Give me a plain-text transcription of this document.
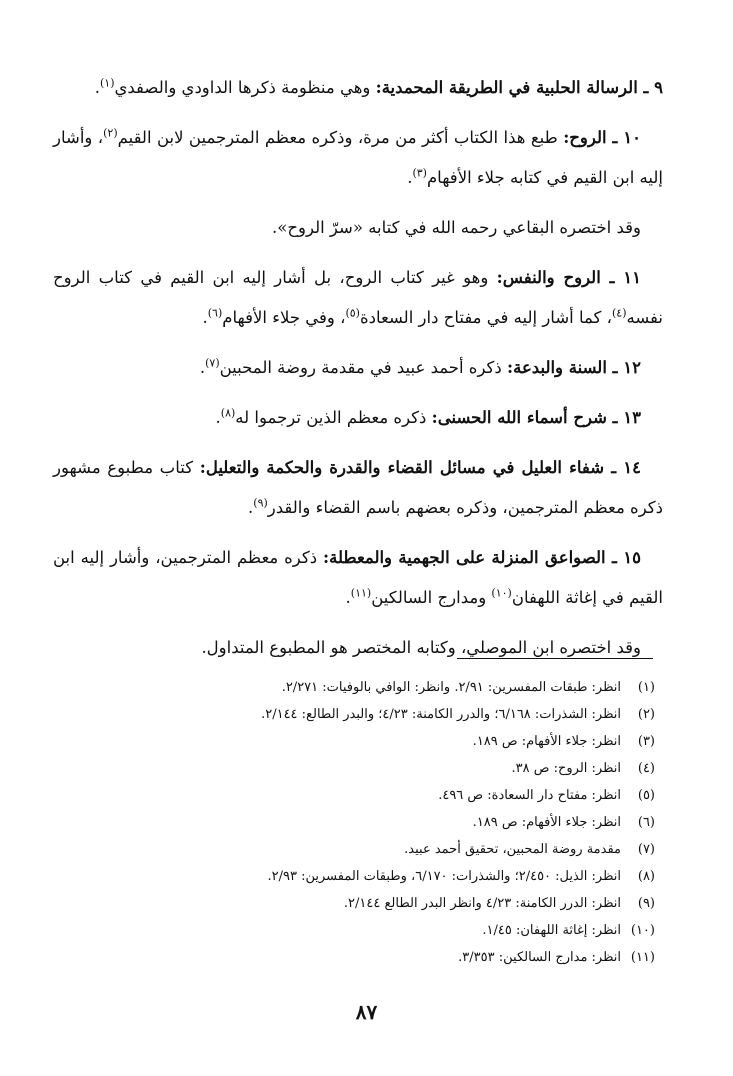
٩ ـ الرسالة الحلبية في الطريقة المحمدية: وهي منظومة ذكرها الداودي والصفدي$^{(١)}$.

١٠ ـ الروح: طبع هذا الكتاب أكثر من مرة، وذكره معظم المترجمين لابن القيم$^{(٢)}$، وأشار إليه ابن القيم في كتابه جلاء الأفهام$^{(٣)}$.

وقد اختصره البقاعي رحمه الله في كتابه «سرّ الروح».

١١ ـ الروح والنفس: وهو غير كتاب الروح، بل أشار إليه ابن القيم في كتاب الروح نفسه$^{(٤)}$، كما أشار إليه في مفتاح دار السعادة$^{(٥)}$، وفي جلاء الأفهام$^{(٦)}$.

١٢ ـ السنة والبدعة: ذكره أحمد عبيد في مقدمة روضة المحبين$^{(٧)}$.

١٣ ـ شرح أسماء الله الحسنى: ذكره معظم الذين ترجموا له$^{(٨)}$.

١٤ ـ شفاء العليل في مسائل القضاء والقدرة والحكمة والتعليل: كتاب مطبوع مشهور ذكره معظم المترجمين، وذكره بعضهم باسم القضاء والقدر$^{(٩)}$.

١٥ ـ الصواعق المنزلة على الجهمية والمعطلة: ذكره معظم المترجمين، وأشار إليه ابن القيم في إغاثة اللهفان$^{(١٠)}$ ومدارج السالكين$^{(١١)}$.

وقد اختصره ابن الموصلي، وكتابه المختصر هو المطبوع المتداول.

(١)
انظر: طبقات المفسرين: ٢/٩١. وانظر: الوافي بالوفيات: ٢/٢٧١.
(٢)
انظر: الشذرات: ٦/١٦٨؛ والدرر الكامنة: ٤/٢٣؛ والبدر الطالع: ٢/١٤٤.
(٣)
انظر: جلاء الأفهام: ص ١٨٩.
(٤)
انظر: الروح: ص ٣٨.
(٥)
انظر: مفتاح دار السعادة: ص ٤٩٦.
(٦)
انظر: جلاء الأفهام: ص ١٨٩.
(٧)
مقدمة روضة المحبين، تحقيق أحمد عبيد.
(٨)
انظر: الذيل: ٢/٤٥٠؛ والشذرات: ٦/١٧٠، وطبقات المفسرين: ٢/٩٣.
(٩)
انظر: الدرر الكامنة: ٤/٢٣ وانظر البدر الطالع ٢/١٤٤.
(١٠)
انظر: إغاثة اللهفان: ١/٤٥.
(١١)
انظر: مدارج السالكين: ٣/٣٥٣.
٨٧
